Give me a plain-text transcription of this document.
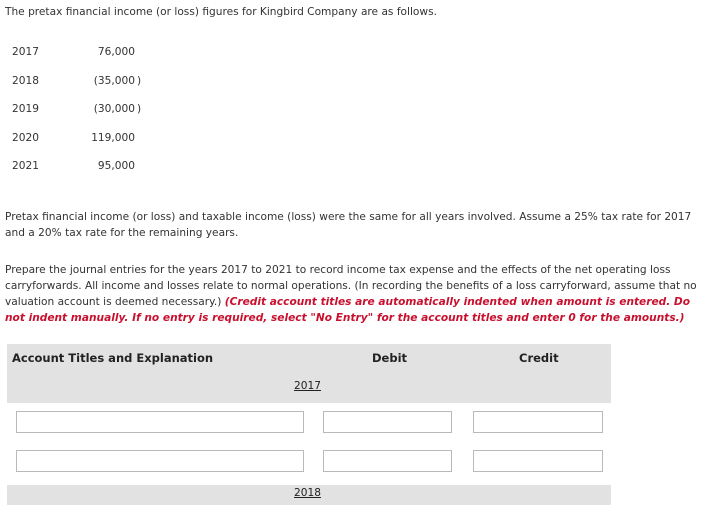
The pretax financial income (or loss) figures for Kingbird Company are as follows.

2017	76,000	
2018	(35,000	)
2019	(30,000	)
2020	119,000	
2021	95,000	

Pretax financial income (or loss) and taxable income (loss) were the same for all years involved. Assume a 25% tax rate for 2017 and a 20% tax rate for the remaining years.

Prepare the journal entries for the years 2017 to 2021 to record income tax expense and the effects of the net operating loss carryforwards. All income and losses relate to normal operations. (In recording the benefits of a loss carryforward, assume that no valuation account is deemed necessary.) (Credit account titles are automatically indented when amount is entered. Do not indent manually. If no entry is required, select "No Entry" for the account titles and enter 0 for the amounts.)

Account Titles and Explanation	Debit	Credit
2017
2018
